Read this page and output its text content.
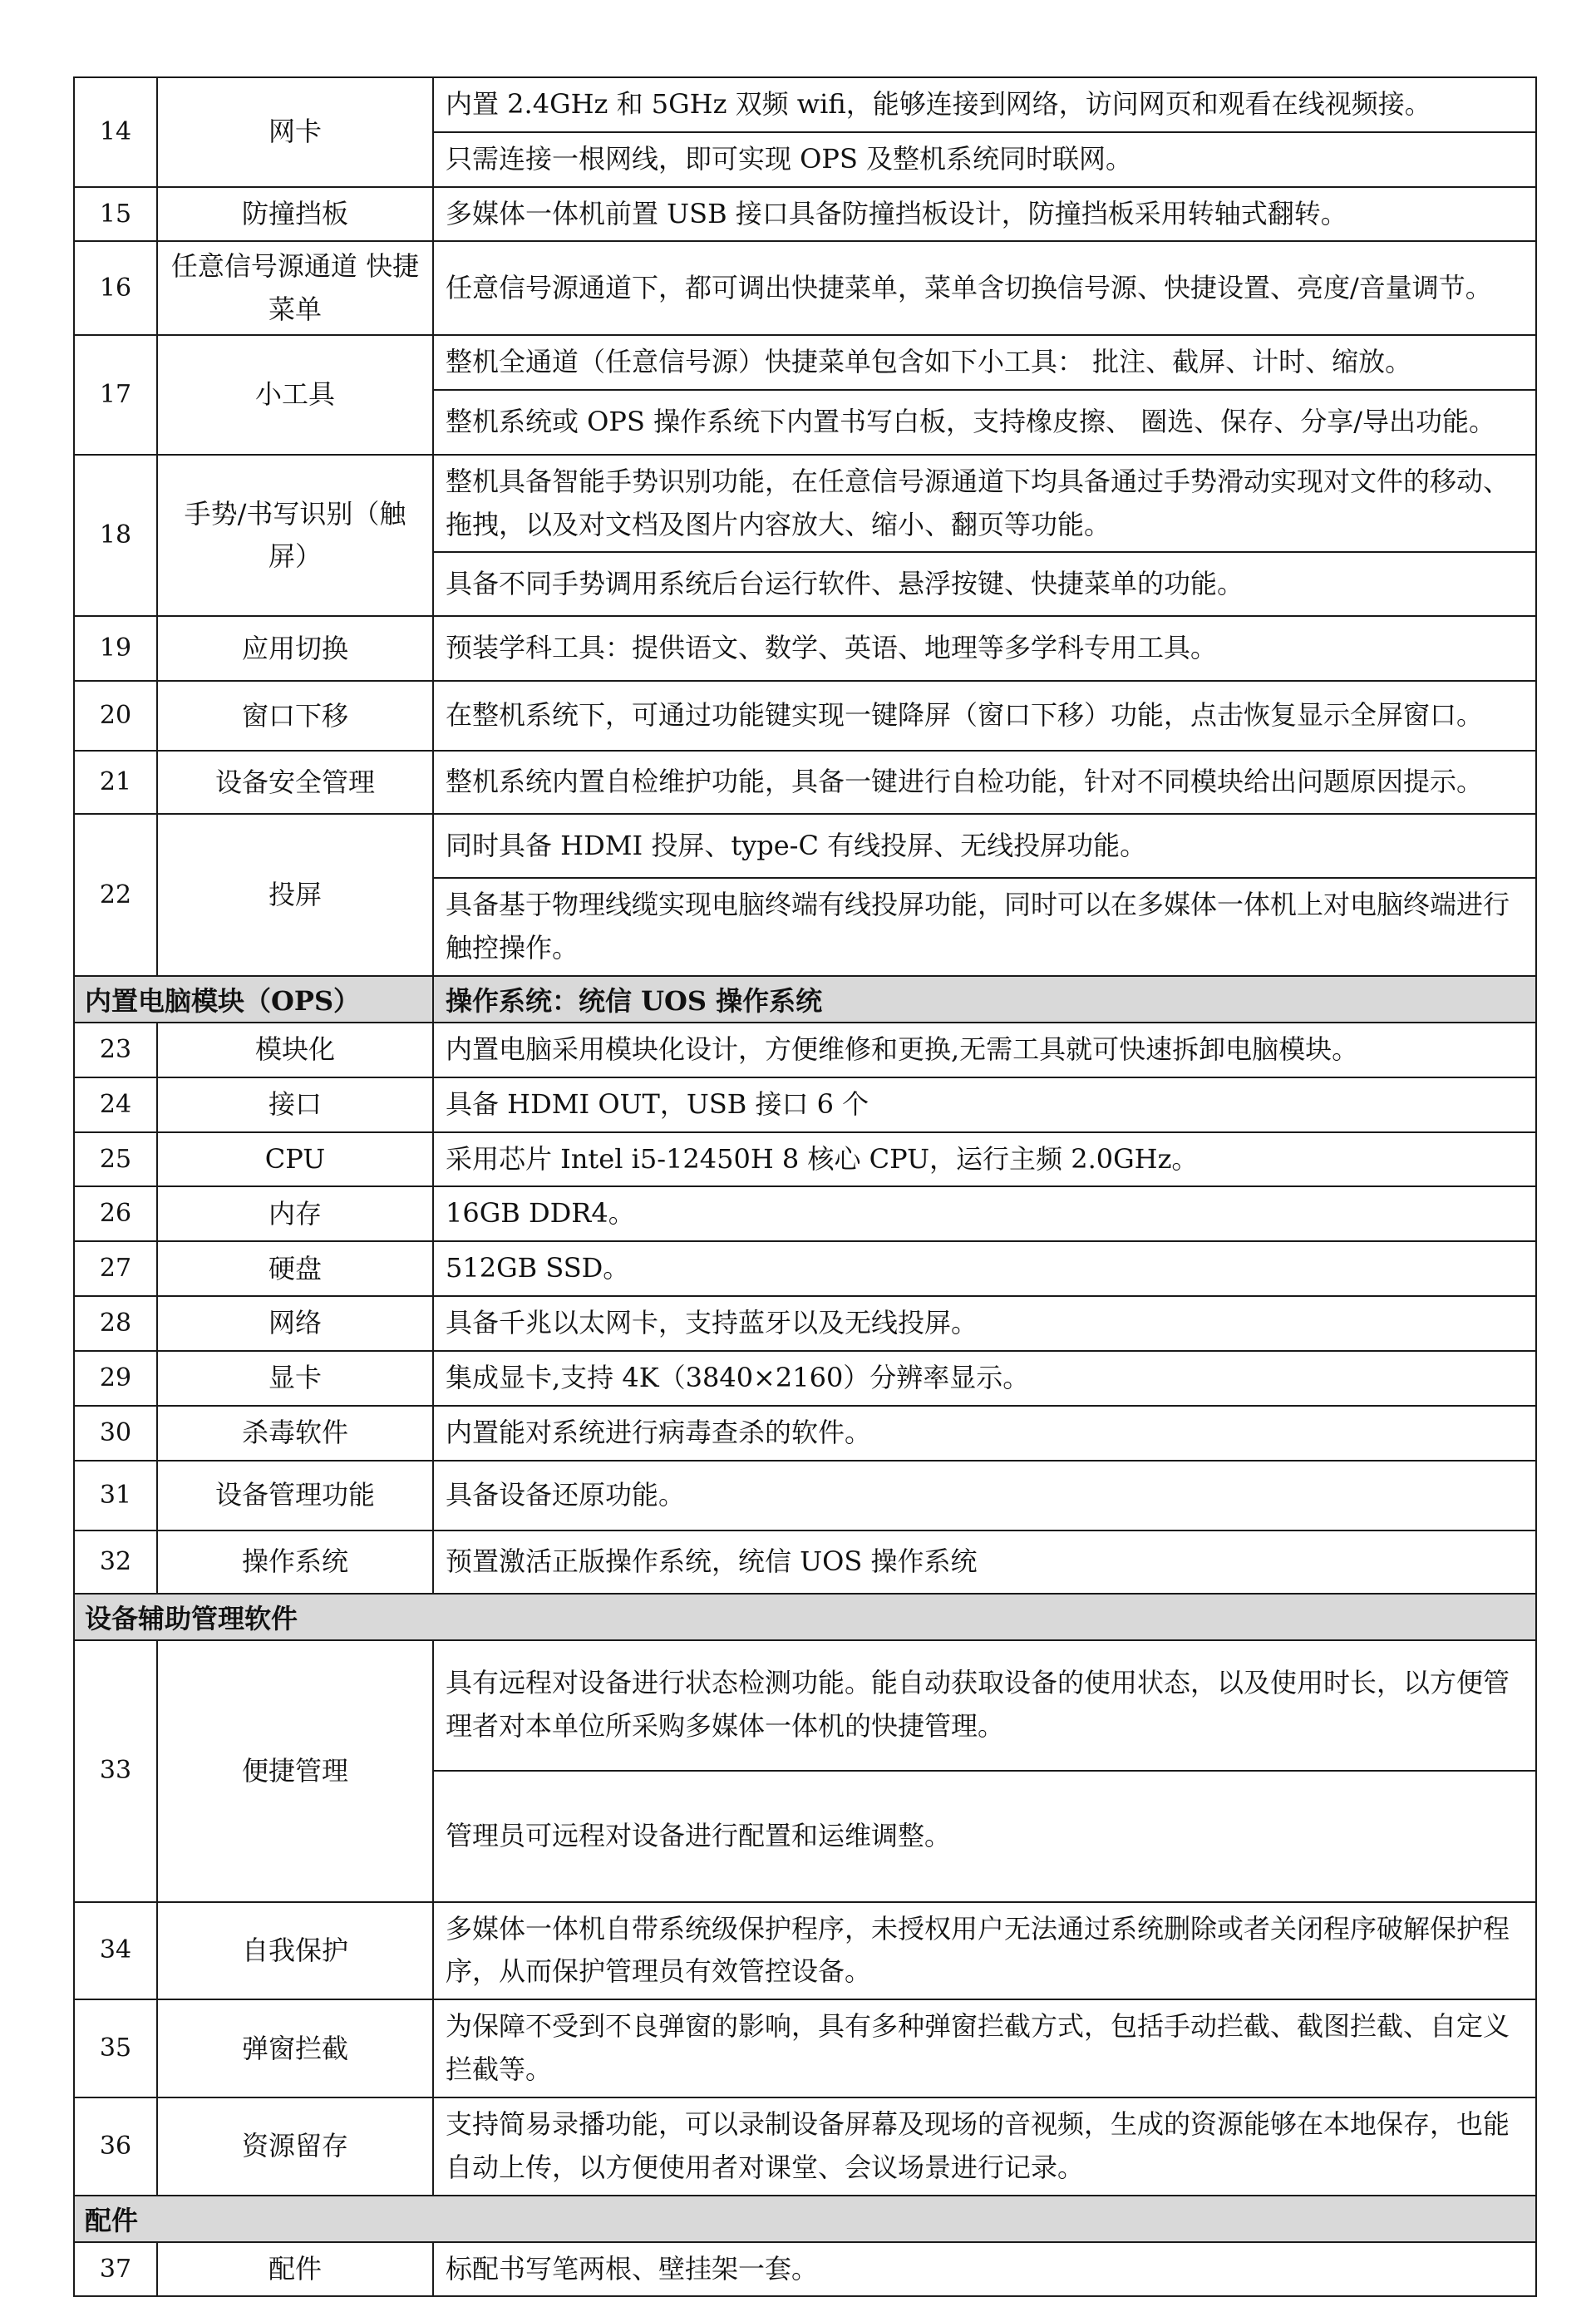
14	网卡	内置 2.4GHz 和 5GHz 双频 wifi，能够连接到网络，访问网页和观看在线视频接。
		只需连接一根网线，即可实现 OPS 及整机系统同时联网。
15	防撞挡板	多媒体一体机前置 USB 接口具备防撞挡板设计，防撞挡板采用转轴式翻转。
16	任意信号源通道 快捷菜单	任意信号源通道下，都可调出快捷菜单，菜单含切换信号源、快捷设置、亮度/音量调节。
17	小工具	整机全通道（任意信号源）快捷菜单包含如下小工具： 批注、截屏、计时、缩放。
		整机系统或 OPS 操作系统下内置书写白板，支持橡皮擦、 圈选、保存、分享/导出功能。
18	手势/书写识别（触屏）	整机具备智能手势识别功能，在任意信号源通道下均具备通过手势滑动实现对文件的移动、拖拽，以及对文档及图片内容放大、缩小、翻页等功能。
		具备不同手势调用系统后台运行软件、悬浮按键、快捷菜单的功能。
19	应用切换	预装学科工具：提供语文、数学、英语、地理等多学科专用工具。
20	窗口下移	在整机系统下，可通过功能键实现一键降屏（窗口下移）功能，点击恢复显示全屏窗口。
21	设备安全管理	整机系统内置自检维护功能，具备一键进行自检功能，针对不同模块给出问题原因提示。
22	投屏	同时具备 HDMI 投屏、type-C 有线投屏、无线投屏功能。
		具备基于物理线缆实现电脑终端有线投屏功能，同时可以在多媒体一体机上对电脑终端进行触控操作。
内置电脑模块（OPS）		操作系统：统信 UOS 操作系统
23	模块化	内置电脑采用模块化设计，方便维修和更换,无需工具就可快速拆卸电脑模块。
24	接口	具备 HDMI OUT，USB 接口 6 个
25	CPU	采用芯片 Intel i5-12450H 8 核心 CPU，运行主频 2.0GHz。
26	内存	16GB DDR4。
27	硬盘	512GB SSD。
28	网络	具备千兆以太网卡，支持蓝牙以及无线投屏。
29	显卡	集成显卡,支持 4K（3840×2160）分辨率显示。
30	杀毒软件	内置能对系统进行病毒查杀的软件。
31	设备管理功能	具备设备还原功能。
32	操作系统	预置激活正版操作系统，统信 UOS 操作系统
设备辅助管理软件		
33	便捷管理	具有远程对设备进行状态检测功能。能自动获取设备的使用状态，以及使用时长，以方便管理者对本单位所采购多媒体一体机的快捷管理。
		管理员可远程对设备进行配置和运维调整。
34	自我保护	多媒体一体机自带系统级保护程序，未授权用户无法通过系统删除或者关闭程序破解保护程序，从而保护管理员有效管控设备。
35	弹窗拦截	为保障不受到不良弹窗的影响，具有多种弹窗拦截方式，包括手动拦截、截图拦截、自定义拦截等。
36	资源留存	支持简易录播功能，可以录制设备屏幕及现场的音视频，生成的资源能够在本地保存，也能自动上传，以方便使用者对课堂、会议场景进行记录。
配件		
37	配件	标配书写笔两根、壁挂架一套。
